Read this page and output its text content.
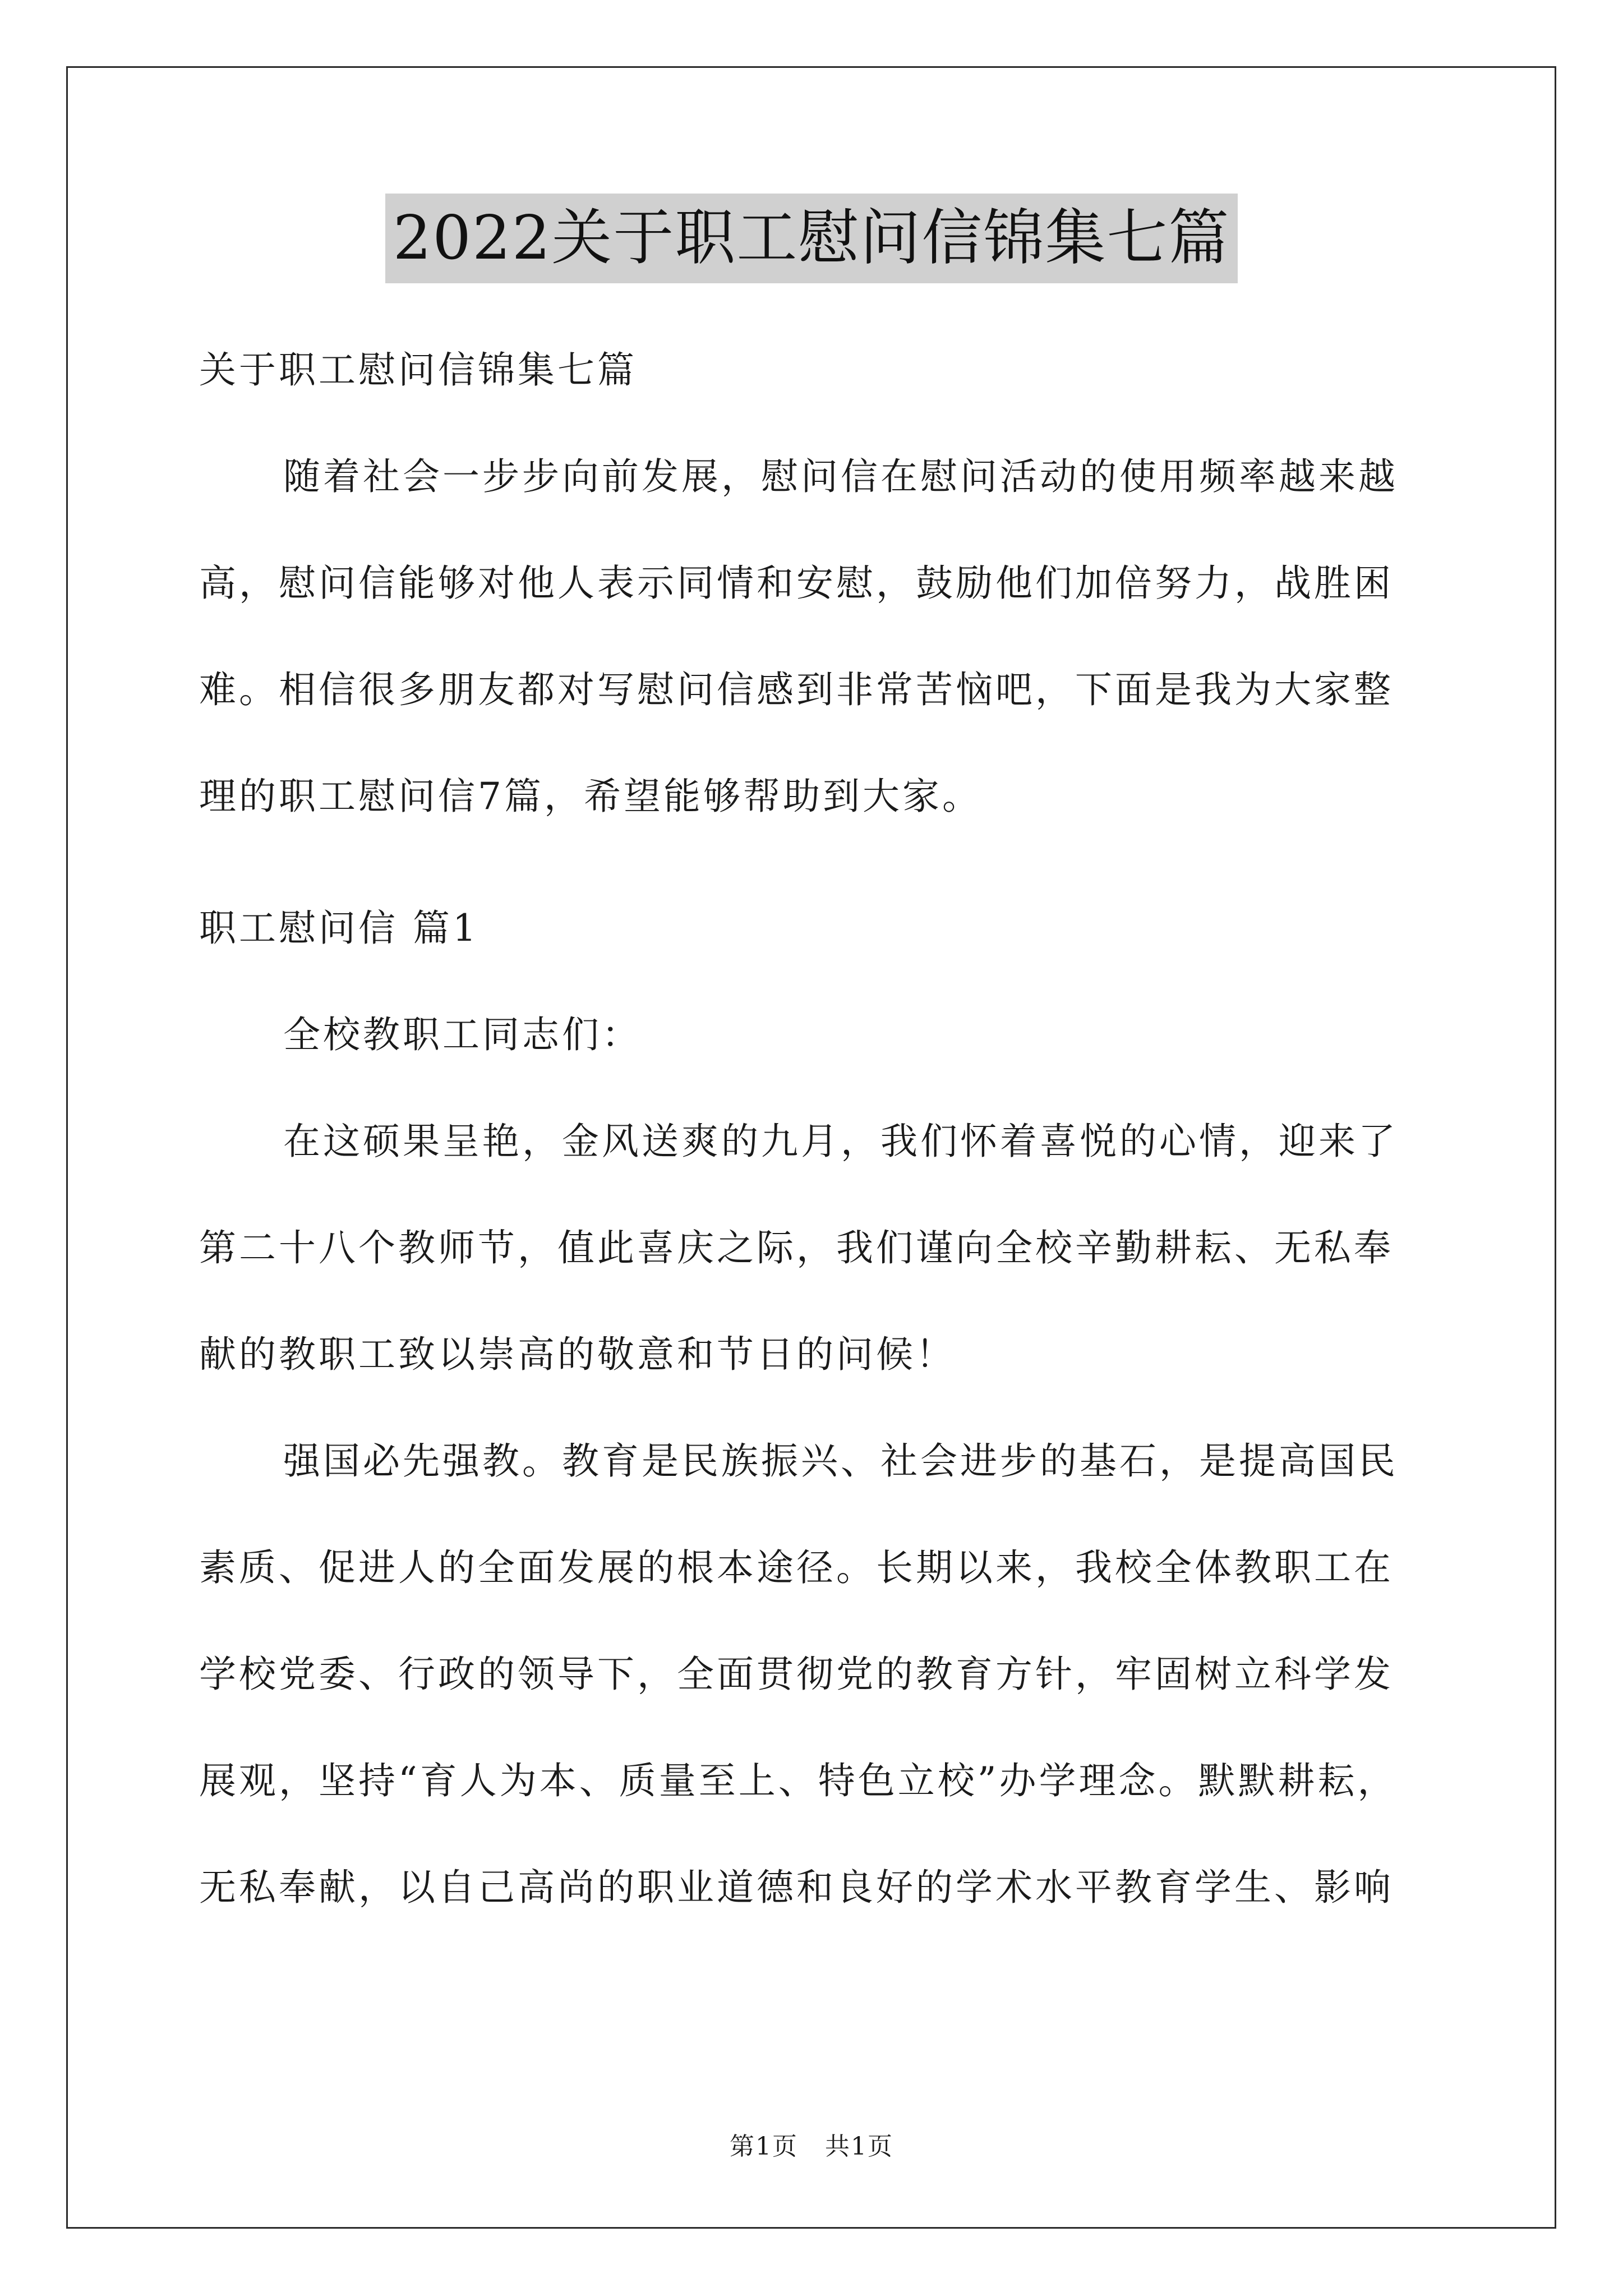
2022关于职工慰问信锦集七篇
关于职工慰问信锦集七篇
随着社会一步步向前发展，慰问信在慰问活动的使用频率越来越
高，慰问信能够对他人表示同情和安慰，鼓励他们加倍努力，战胜困
难。相信很多朋友都对写慰问信感到非常苦恼吧，下面是我为大家整
理的职工慰问信7篇，希望能够帮助到大家。
职工慰问信 篇1
全校教职工同志们：
在这硕果呈艳，金风送爽的九月，我们怀着喜悦的心情，迎来了
第二十八个教师节，值此喜庆之际，我们谨向全校辛勤耕耘、无私奉
献的教职工致以崇高的敬意和节日的问候！
强国必先强教。教育是民族振兴、社会进步的基石，是提高国民
素质、促进人的全面发展的根本途径。长期以来，我校全体教职工在
学校党委、行政的领导下，全面贯彻党的教育方针，牢固树立科学发
展观，坚持“育人为本、质量至上、特色立校”办学理念。默默耕耘，
无私奉献，以自己高尚的职业道德和良好的学术水平教育学生、影响
第1页   共1页
